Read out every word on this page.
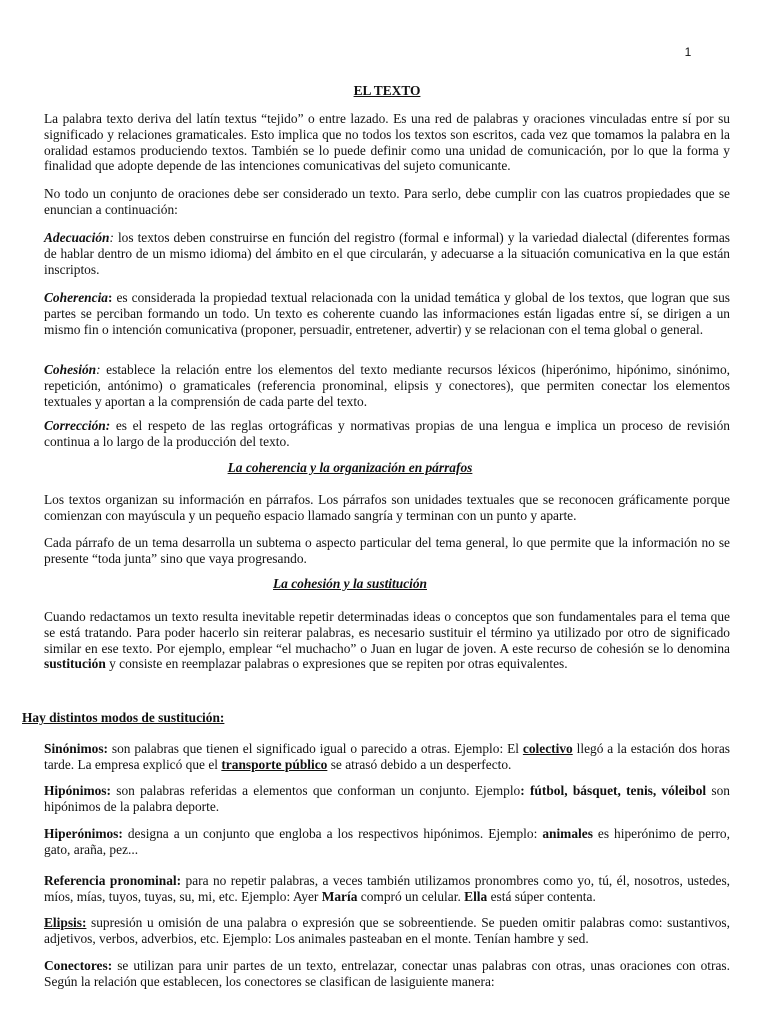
1
EL TEXTO

La palabra texto deriva del latín textus “tejido” o entre lazado. Es una red de palabras y oraciones vinculadas entre sí por su significado y relaciones gramaticales. Esto implica que no todos los textos son escritos, cada vez que tomamos la palabra en la oralidad estamos produciendo textos. También se lo puede definir como una unidad de comunicación, por lo que la forma y finalidad que adopte depende de las intenciones comunicativas del sujeto comunicante.

No todo un conjunto de oraciones debe ser considerado un texto. Para serlo, debe cumplir con las cuatros propiedades que se enuncian a continuación:

Adecuación: los textos deben construirse en función del registro (formal e informal) y la variedad dialectal (diferentes formas de hablar dentro de un mismo idioma) del ámbito en el que circularán, y adecuarse a la situación comunicativa en la que están inscriptos.

Coherencia: es considerada la propiedad textual relacionada con la unidad temática y global de los textos, que logran que sus partes se perciban formando un todo. Un texto es coherente cuando las informaciones están ligadas entre sí, se dirigen a un mismo fin o intención comunicativa (proponer, persuadir, entretener, advertir) y se relacionan con el tema global o general.

Cohesión: establece la relación entre los elementos del texto mediante recursos léxicos (hiperónimo, hipónimo, sinónimo, repetición, antónimo) o gramaticales (referencia pronominal, elipsis y conectores), que permiten conectar los elementos textuales y aportan a la comprensión de cada parte del texto.

Corrección: es el respeto de las reglas ortográficas y normativas propias de una lengua e implica un proceso de revisión continua a lo largo de la producción del texto.

La coherencia y la organización en párrafos

Los textos organizan su información en párrafos. Los párrafos son unidades textuales que se reconocen gráficamente porque comienzan con mayúscula y un pequeño espacio llamado sangría y terminan con un punto y aparte.

Cada párrafo de un tema desarrolla un subtema o aspecto particular del tema general, lo que permite que la información no se presente “toda junta” sino que vaya progresando.

La cohesión y la sustitución

Cuando redactamos un texto resulta inevitable repetir determinadas ideas o conceptos que son fundamentales para el tema que se está tratando. Para poder hacerlo sin reiterar palabras, es necesario sustituir el término ya utilizado por otro de significado similar en ese texto. Por ejemplo, emplear “el muchacho” o Juan en lugar de joven. A este recurso de cohesión se lo denomina sustitución y consiste en reemplazar palabras o expresiones que se repiten por otras equivalentes.

Hay distintos modos de sustitución:

Sinónimos: son palabras que tienen el significado igual o parecido a otras. Ejemplo: El colectivo llegó a la estación dos horas tarde. La empresa explicó que el transporte público se atrasó debido a un desperfecto.

Hipónimos: son palabras referidas a elementos que conforman un conjunto. Ejemplo: fútbol, básquet, tenis, vóleibol son hipónimos de la palabra deporte.

Hiperónimos: designa a un conjunto que engloba a los respectivos hipónimos. Ejemplo: animales es hiperónimo de perro, gato, araña, pez...

Referencia pronominal: para no repetir palabras, a veces también utilizamos pronombres como yo, tú, él, nosotros, ustedes, míos, mías, tuyos, tuyas, su, mi, etc. Ejemplo: Ayer María compró un celular. Ella está súper contenta.

Elipsis: supresión u omisión de una palabra o expresión que se sobreentiende. Se pueden omitir palabras como: sustantivos, adjetivos, verbos, adverbios, etc. Ejemplo: Los animales pasteaban en el monte. Tenían hambre y sed.

Conectores: se utilizan para unir partes de un texto, entrelazar, conectar unas palabras con otras, unas oraciones con otras. Según la relación que establecen, los conectores se clasifican de lasiguiente manera:
